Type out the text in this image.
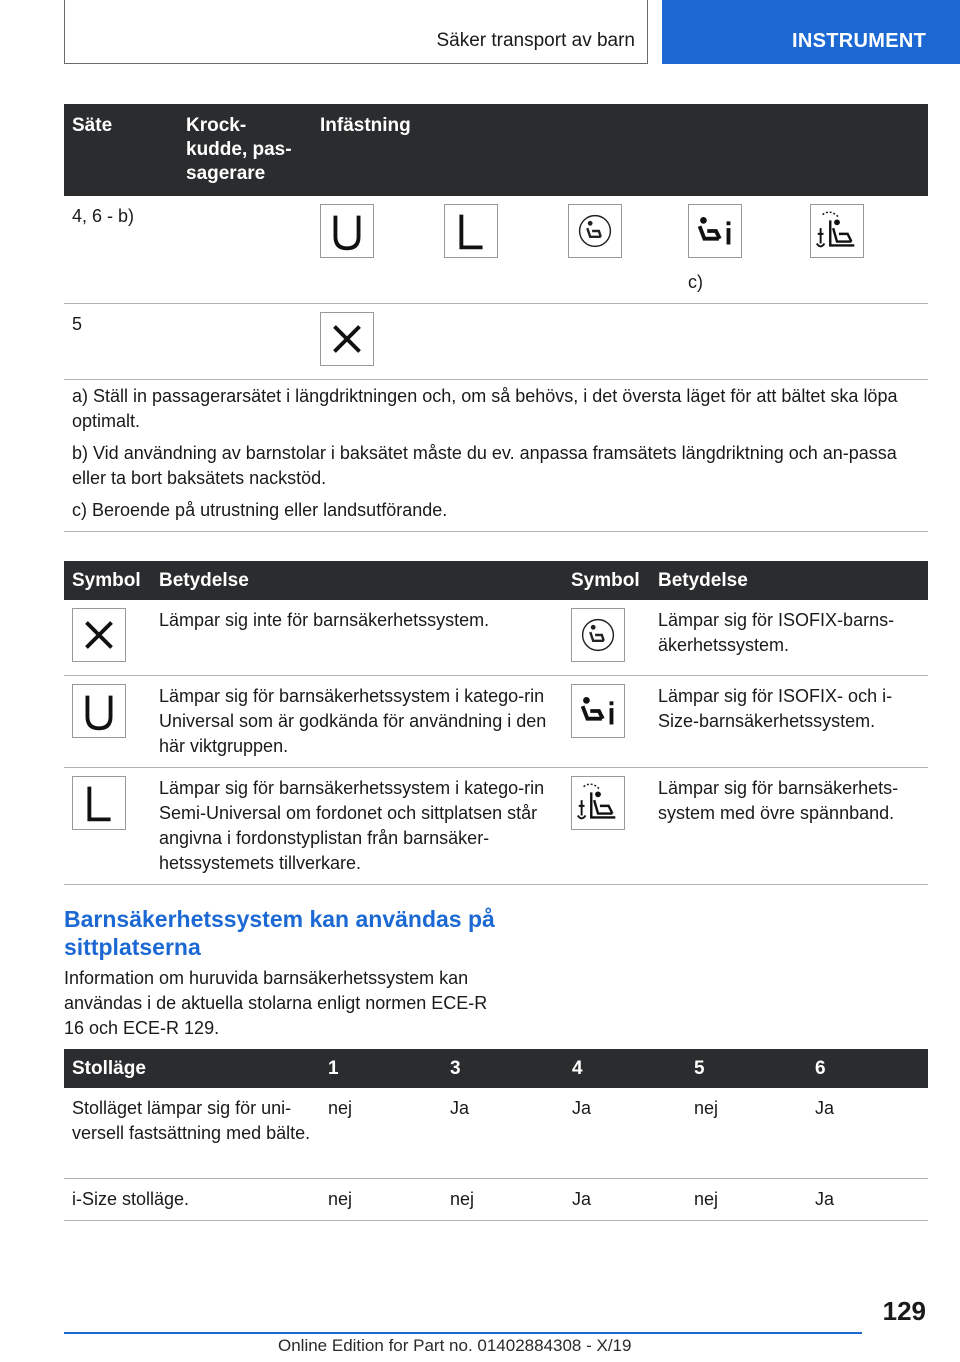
Säker transport av barn	INSTRUMENT
Säte	Krock-kudde, pas-sagerare	Infästning				
4, 6 - b)					c)

5		

a) Ställ in passagerarsätet i längdriktningen och, om så behövs, i det översta läget för att bältet ska löpa optimalt.

b) Vid användning av barnstolar i baksätet måste du ev. anpassa framsätets längdriktning och an-passa eller ta bort baksätets nackstöd.

c) Beroende på utrustning eller landsutförande.

Symbol	Betydelse	Symbol	Betydelse

	Lämpar sig inte för barnsäkerhetssystem.		Lämpar sig för ISOFIX-barns-äkerhetssystem.

	Lämpar sig för barnsäkerhetssystem i katego-rin Universal som är godkända för användning i den här viktgruppen.		Lämpar sig för ISOFIX- och i-Size-barnsäkerhetssystem.

	Lämpar sig för barnsäkerhetssystem i katego-rin Semi-Universal om fordonet och sittplatsen står angivna i fordonstyplistan från barnsäker-hetssystemets tillverkare.		Lämpar sig för barnsäkerhets-system med övre spännband.
Barnsäkerhetssystem kan användas på sittplatserna

Information om huruvida barnsäkerhetssystem kan användas i de aktuella stolarna enligt normen ECE-R 16 och ECE-R 129.

Stolläge	1	3	4	5	6
Stolläget lämpar sig för uni-versell fastsättning med bälte.	nej	Ja	Ja	nej	Ja
i-Size stolläge.	nej	nej	Ja	nej	Ja
129
Online Edition for Part no. 01402884308 - X/19
